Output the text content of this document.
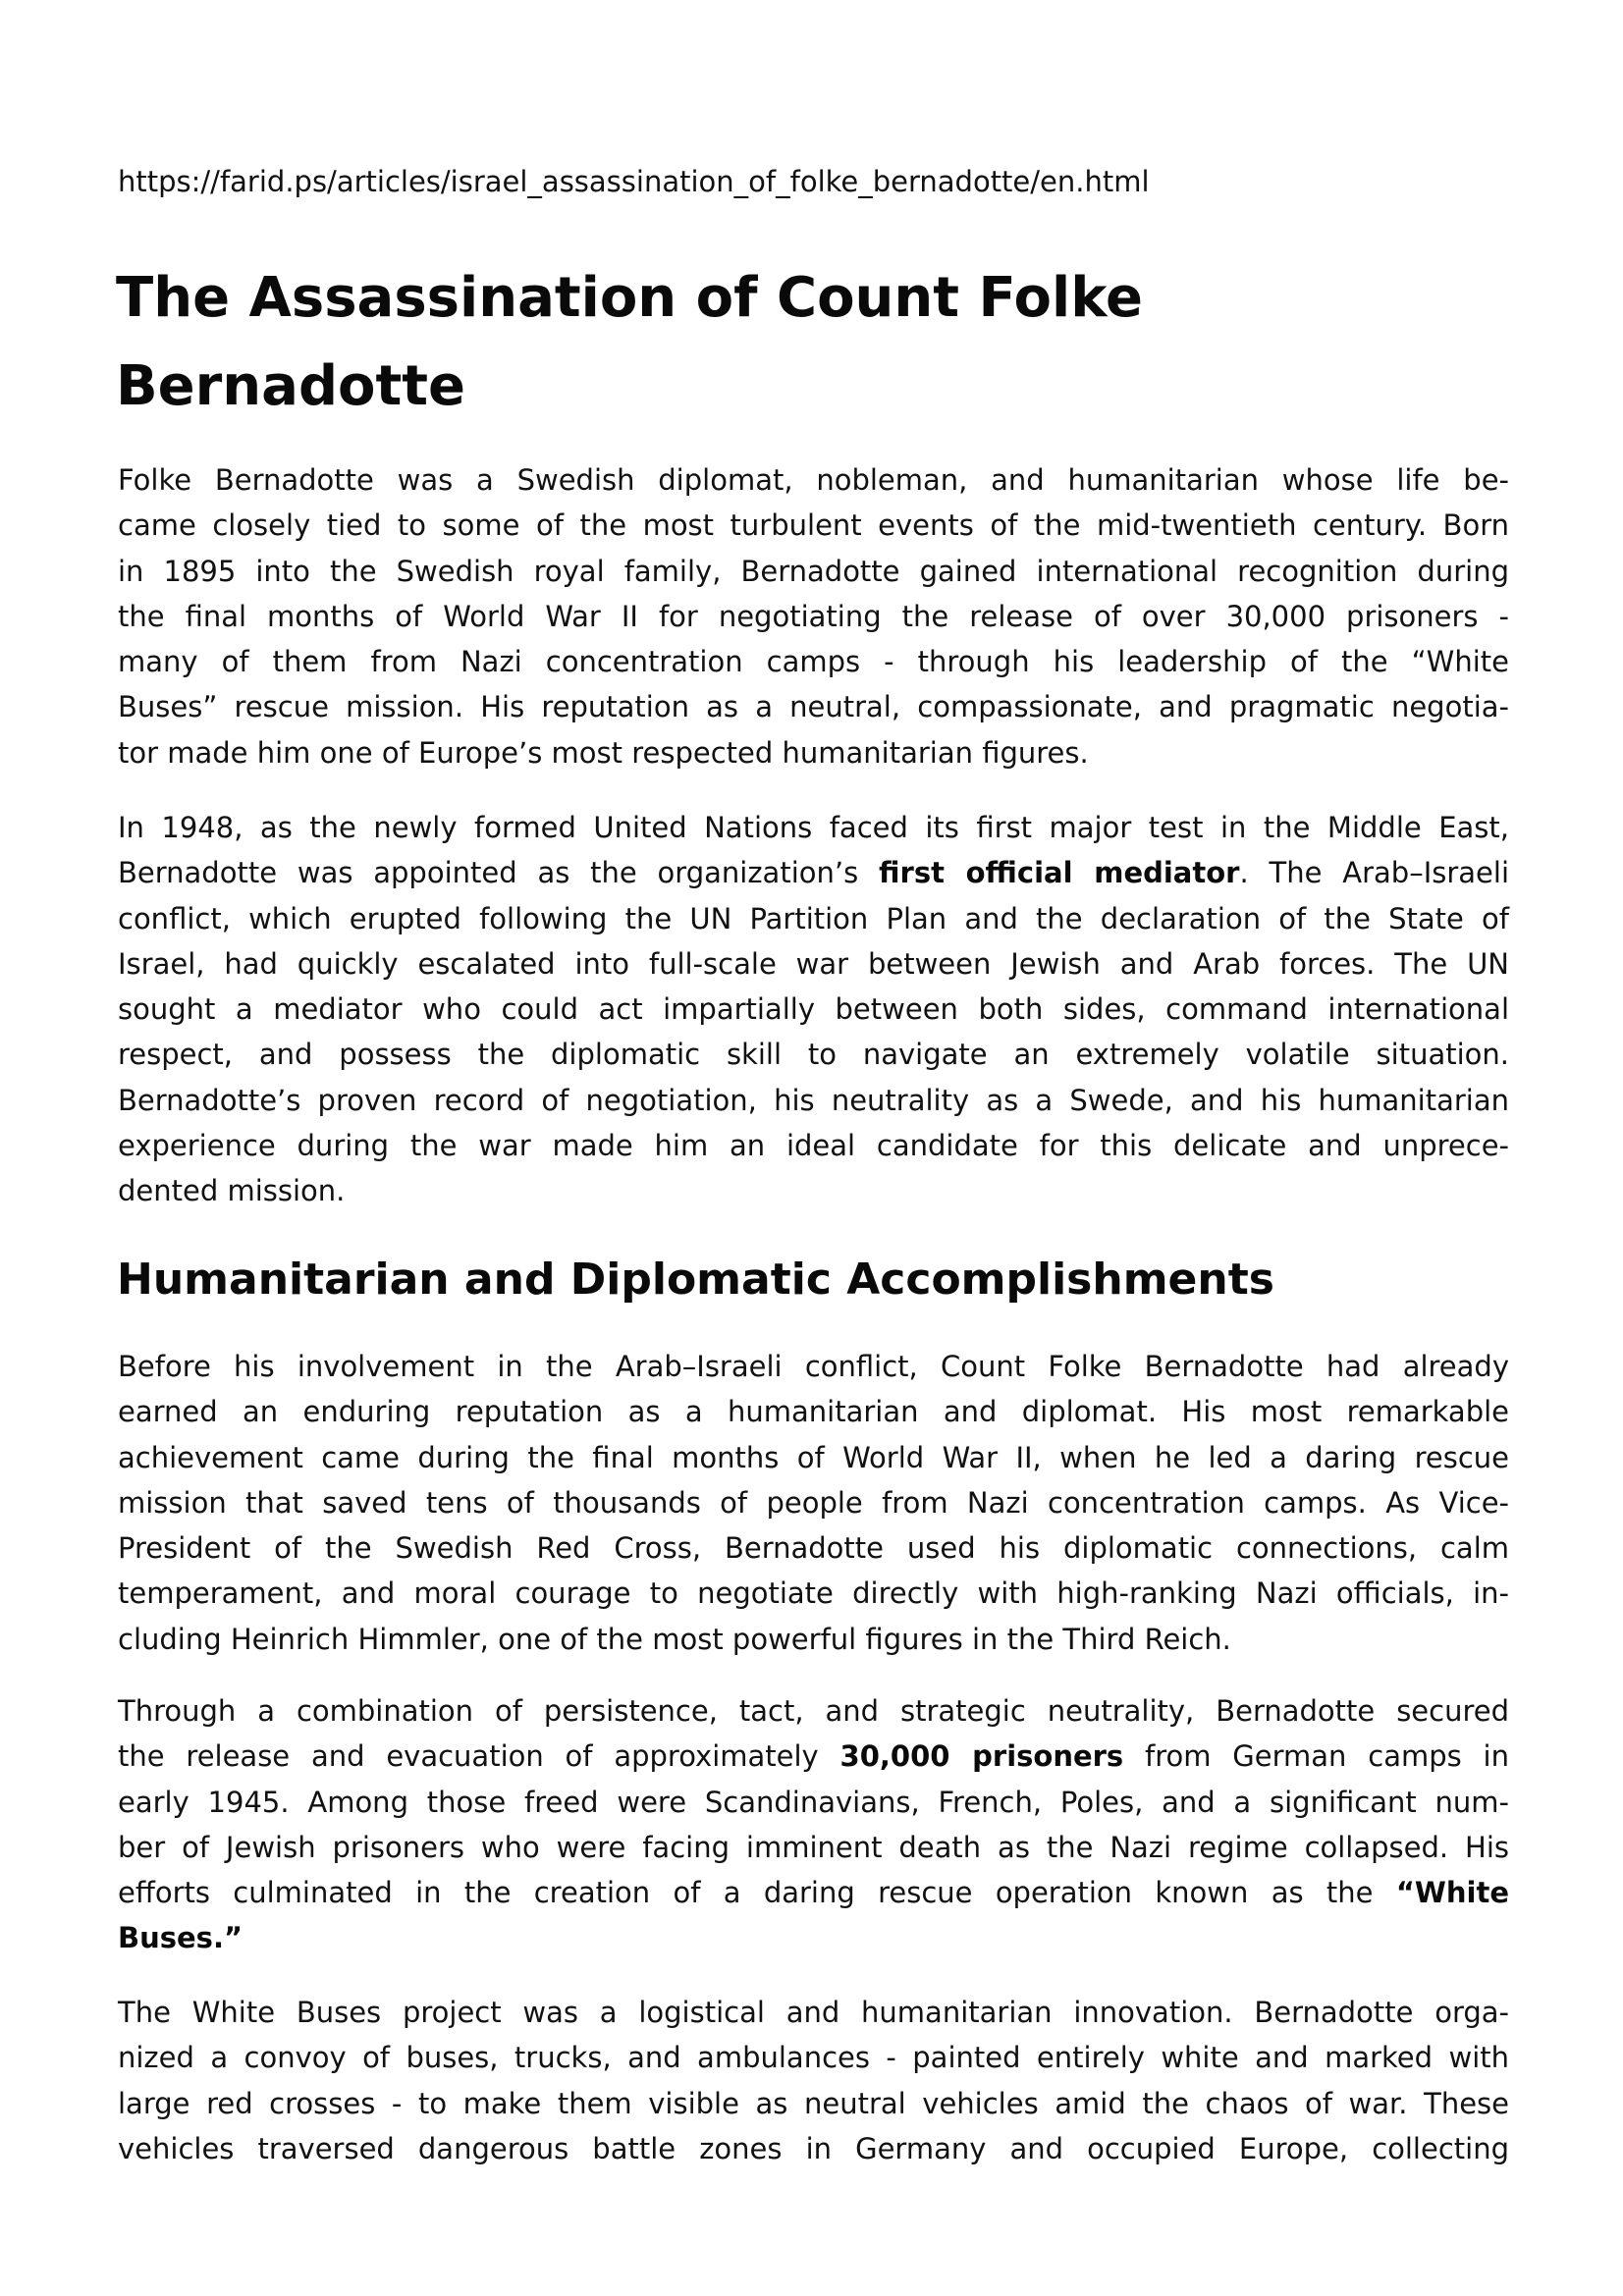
https://farid.ps/articles/israel_assassination_of_folke_bernadotte/en.html
The Assassination of Count Folke
Bernadotte

Folke Bernadotte was a Swedish diplomat, nobleman, and humanitarian whose life be-
came closely tied to some of the most turbulent events of the mid-twentieth century. Born
in 1895 into the Swedish royal family, Bernadotte gained international recognition during
the final months of World War II for negotiating the release of over 30,000 prisoners -
many of them from Nazi concentration camps - through his leadership of the “White
Buses” rescue mission. His reputation as a neutral, compassionate, and pragmatic negotia-
tor made him one of Europe’s most respected humanitarian figures.

In 1948, as the newly formed United Nations faced its first major test in the Middle East,
Bernadotte was appointed as the organization’s first official mediator. The Arab–Israeli
conflict, which erupted following the UN Partition Plan and the declaration of the State of
Israel, had quickly escalated into full-scale war between Jewish and Arab forces. The UN
sought a mediator who could act impartially between both sides, command international
respect, and possess the diplomatic skill to navigate an extremely volatile situation.
Bernadotte’s proven record of negotiation, his neutrality as a Swede, and his humanitarian
experience during the war made him an ideal candidate for this delicate and unprece-
dented mission.

Humanitarian and Diplomatic Accomplishments

Before his involvement in the Arab–Israeli conflict, Count Folke Bernadotte had already
earned an enduring reputation as a humanitarian and diplomat. His most remarkable
achievement came during the final months of World War II, when he led a daring rescue
mission that saved tens of thousands of people from Nazi concentration camps. As Vice-
President of the Swedish Red Cross, Bernadotte used his diplomatic connections, calm
temperament, and moral courage to negotiate directly with high-ranking Nazi officials, in-
cluding Heinrich Himmler, one of the most powerful figures in the Third Reich.

Through a combination of persistence, tact, and strategic neutrality, Bernadotte secured
the release and evacuation of approximately 30,000 prisoners from German camps in
early 1945. Among those freed were Scandinavians, French, Poles, and a significant num-
ber of Jewish prisoners who were facing imminent death as the Nazi regime collapsed. His
efforts culminated in the creation of a daring rescue operation known as the “White
Buses.”

The White Buses project was a logistical and humanitarian innovation. Bernadotte orga-
nized a convoy of buses, trucks, and ambulances - painted entirely white and marked with
large red crosses - to make them visible as neutral vehicles amid the chaos of war. These
vehicles traversed dangerous battle zones in Germany and occupied Europe, collecting
